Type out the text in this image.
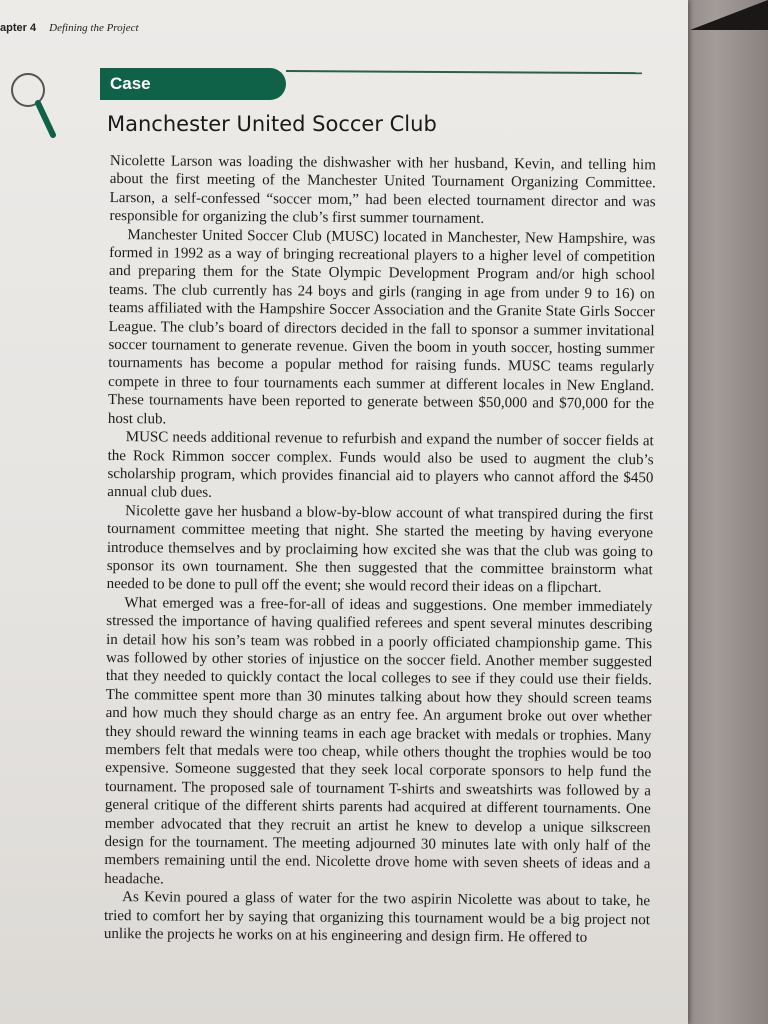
apter 4 Defining the Project
Case
Manchester United Soccer Club

Nicolette Larson was loading the dishwasher with her husband, Kevin, and telling him about the first meeting of the Manchester United Tournament Organizing Committee. Larson, a self-confessed “soccer mom,” had been elected tournament director and was responsible for organizing the club’s first summer tournament.

Manchester United Soccer Club (MUSC) located in Manchester, New Hampshire, was formed in 1992 as a way of bringing recreational players to a higher level of competition and preparing them for the State Olympic Development Program and/or high school teams. The club currently has 24 boys and girls (ranging in age from under 9 to 16) on teams affiliated with the Hampshire Soccer Association and the Granite State Girls Soccer League. The club’s board of directors decided in the fall to sponsor a summer invitational soccer tournament to generate revenue. Given the boom in youth soccer, hosting summer tournaments has become a popular method for raising funds. MUSC teams regularly compete in three to four tournaments each summer at different locales in New England. These tournaments have been reported to generate between $50,000 and $70,000 for the host club.

MUSC needs additional revenue to refurbish and expand the number of soccer fields at the Rock Rimmon soccer complex. Funds would also be used to augment the club’s scholarship program, which provides financial aid to players who cannot afford the $450 annual club dues.

Nicolette gave her husband a blow-by-blow account of what transpired during the first tournament committee meeting that night. She started the meeting by having everyone introduce themselves and by proclaiming how excited she was that the club was going to sponsor its own tournament. She then suggested that the committee brainstorm what needed to be done to pull off the event; she would record their ideas on a flipchart.

What emerged was a free-for-all of ideas and suggestions. One member immediately stressed the importance of having qualified referees and spent several minutes describing in detail how his son’s team was robbed in a poorly officiated championship game. This was followed by other stories of injustice on the soccer field. Another member suggested that they needed to quickly contact the local colleges to see if they could use their fields. The committee spent more than 30 minutes talking about how they should screen teams and how much they should charge as an entry fee. An argument broke out over whether they should reward the winning teams in each age bracket with medals or trophies. Many members felt that medals were too cheap, while others thought the trophies would be too expensive. Someone suggested that they seek local corporate sponsors to help fund the tournament. The proposed sale of tournament T-shirts and sweatshirts was followed by a general critique of the different shirts parents had acquired at different tournaments. One member advocated that they recruit an artist he knew to develop a unique silkscreen design for the tournament. The meeting adjourned 30 minutes late with only half of the members remaining until the end. Nicolette drove home with seven sheets of ideas and a headache.

As Kevin poured a glass of water for the two aspirin Nicolette was about to take, he tried to comfort her by saying that organizing this tournament would be a big project not unlike the projects he works on at his engineering and design firm. He offered to
